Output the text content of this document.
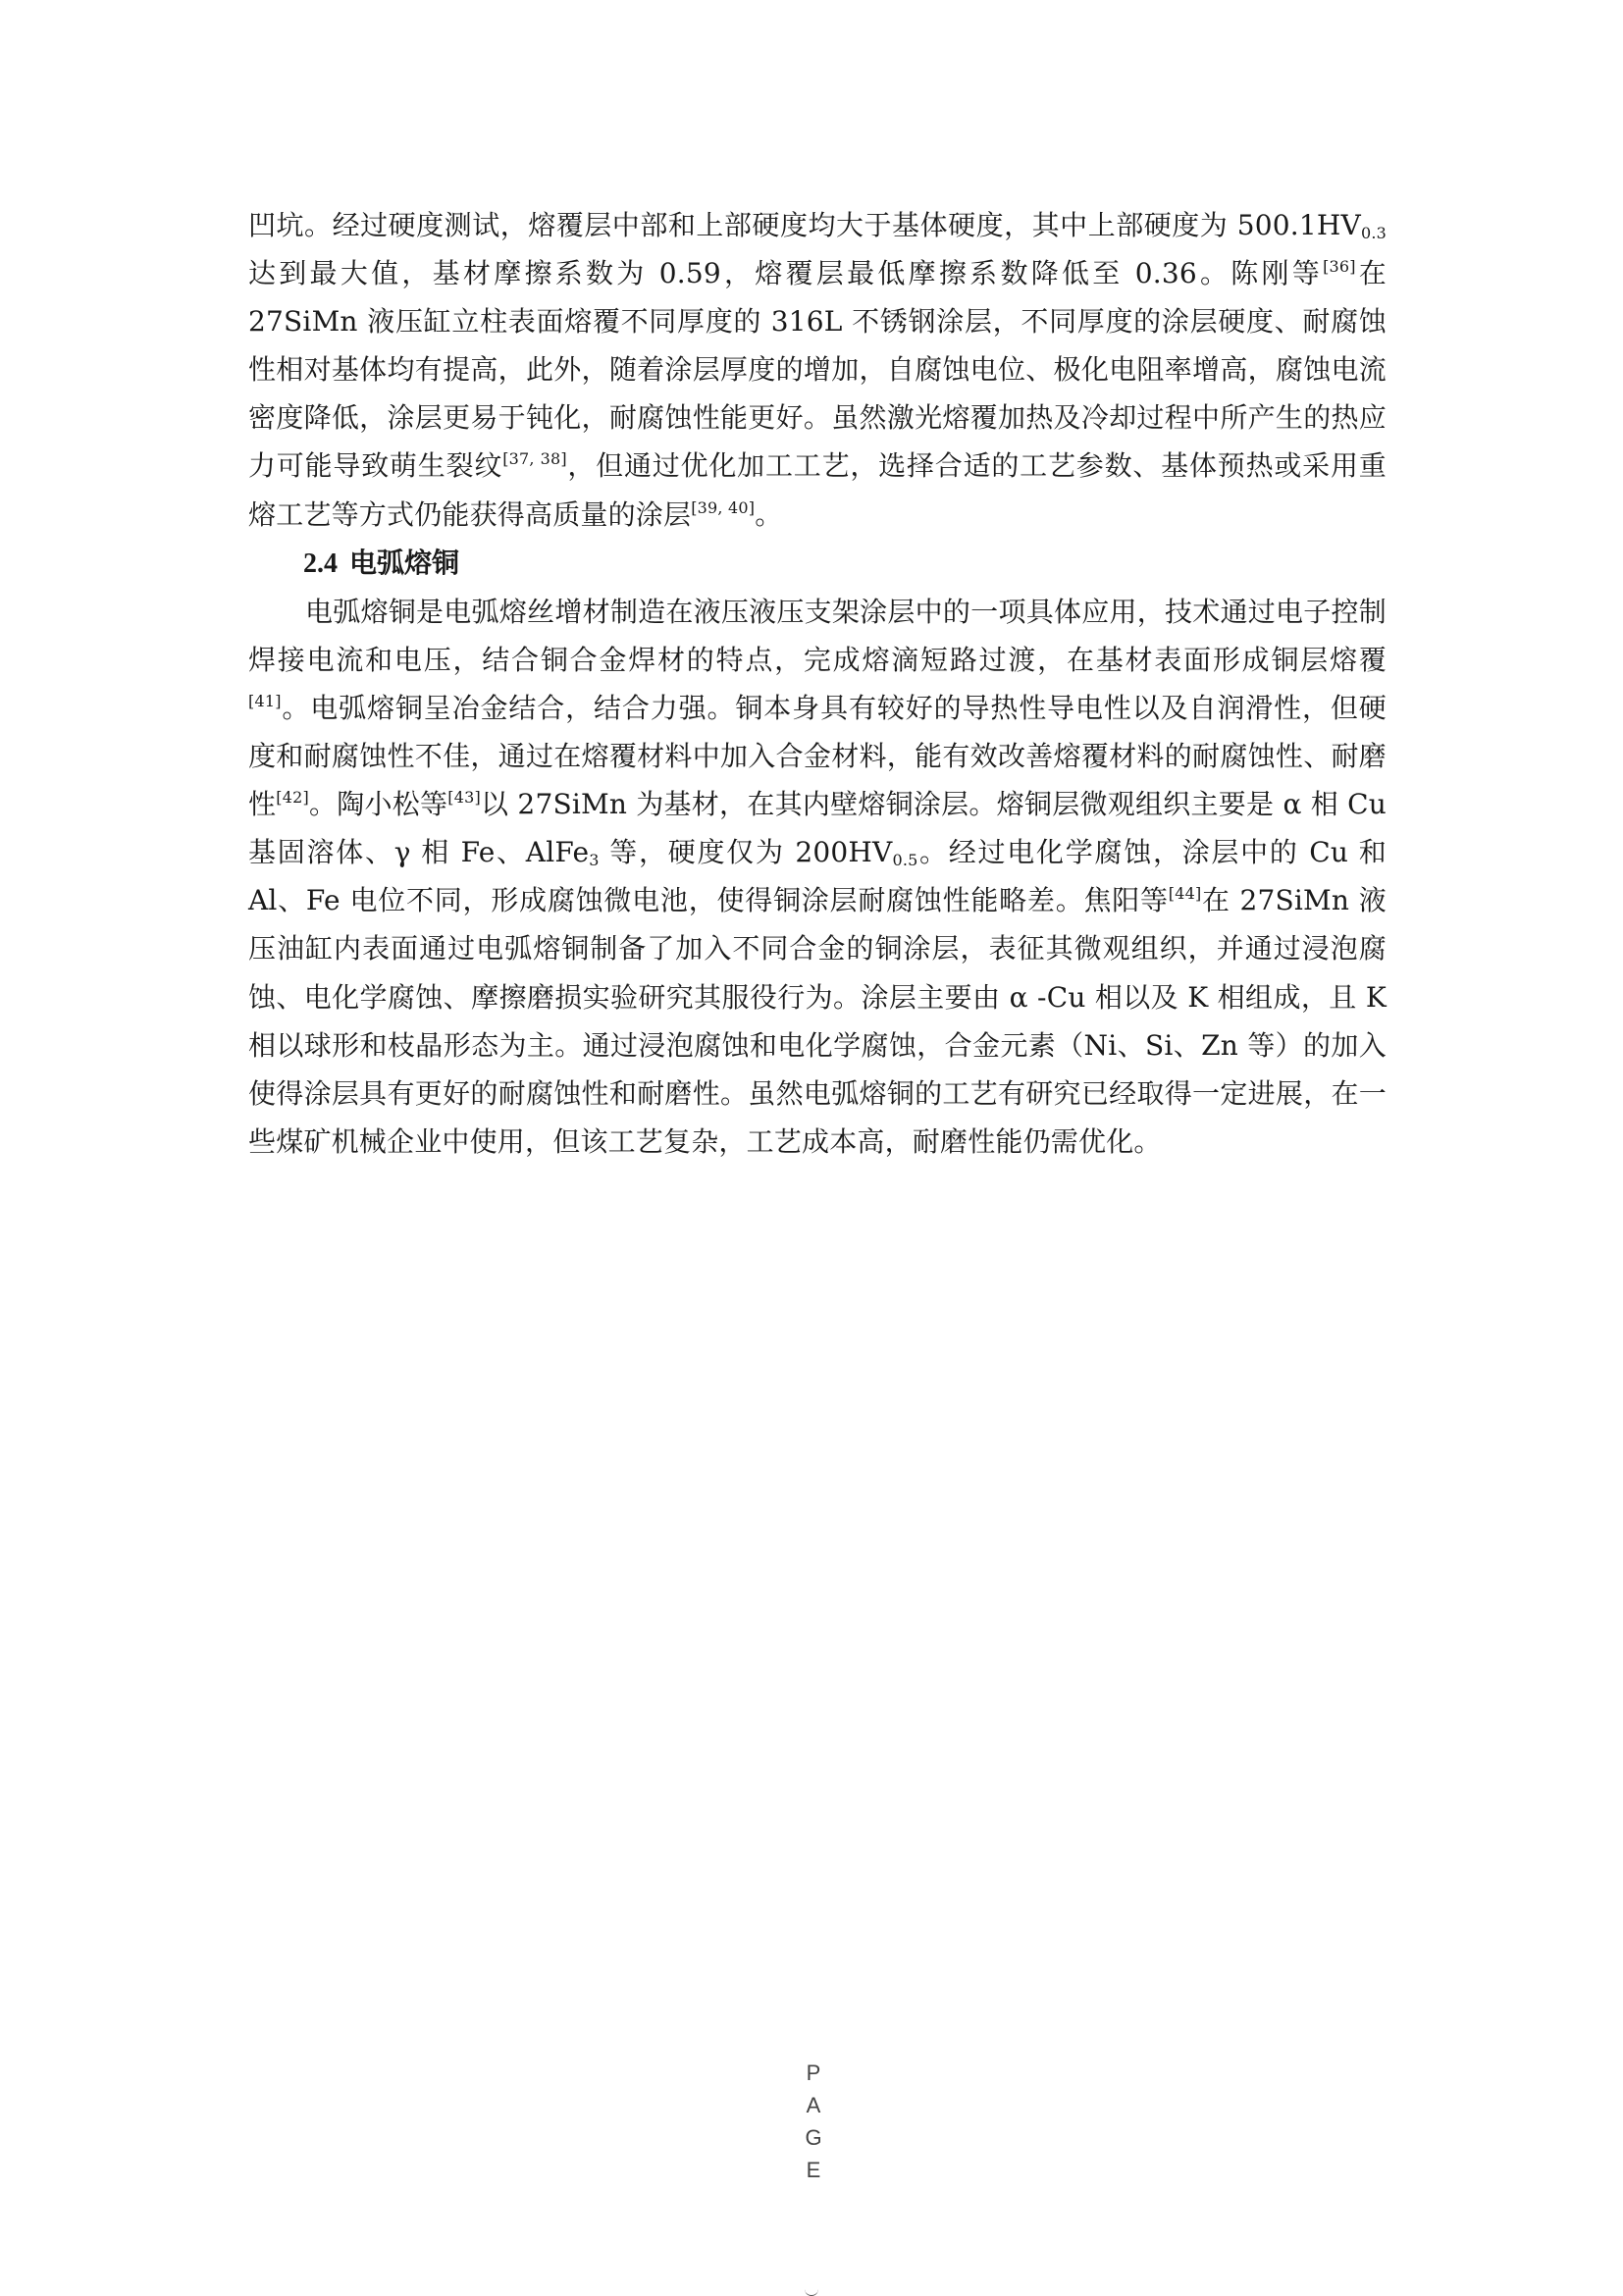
凹坑。经过硬度测试，熔覆层中部和上部硬度均大于基体硬度，其中上部硬度为 $500.1HV_{0.3}$达到最大值，基材摩擦系数为 0.59，熔覆层最低摩擦系数降低至 0.36。陈刚等[36]在 27SiMn 液压缸立柱表面熔覆不同厚度的 316L 不锈钢涂层，不同厚度的涂层硬度、耐腐蚀性相对基体均有提高，此外，随着涂层厚度的增加，自腐蚀电位、极化电阻率增高，腐蚀电流密度降低，涂层更易于钝化，耐腐蚀性能更好。虽然激光熔覆加热及冷却过程中所产生的热应力可能导致萌生裂纹[37, 38]，但通过优化加工工艺，选择合适的工艺参数、基体预热或采用重熔工艺等方式仍能获得高质量的涂层[39, 40]。

2.4 电弧熔铜

电弧熔铜是电弧熔丝增材制造在液压液压支架涂层中的一项具体应用，技术通过电子控制焊接电流和电压，结合铜合金焊材的特点，完成熔滴短路过渡，在基材表面形成铜层熔覆[41]。电弧熔铜呈冶金结合，结合力强。铜本身具有较好的导热性导电性以及自润滑性，但硬度和耐腐蚀性不佳，通过在熔覆材料中加入合金材料，能有效改善熔覆材料的耐腐蚀性、耐磨性[42]。陶小松等[43]以 27SiMn 为基材，在其内壁熔铜涂层。熔铜层微观组织主要是 α 相 Cu 基固溶体、γ 相 Fe、AlFe$_3$ 等，硬度仅为 $200HV_{0.5}$。经过电化学腐蚀，涂层中的 Cu 和 Al、Fe 电位不同，形成腐蚀微电池，使得铜涂层耐腐蚀性能略差。焦阳等[44]在 27SiMn 液压油缸内表面通过电弧熔铜制备了加入不同合金的铜涂层，表征其微观组织，并通过浸泡腐蚀、电化学腐蚀、摩擦磨损实验研究其服役行为。涂层主要由 α -Cu 相以及 K 相组成，且 K 相以球形和枝晶形态为主。通过浸泡腐蚀和电化学腐蚀，合金元素（Ni、Si、Zn 等）的加入使得涂层具有更好的耐腐蚀性和耐磨性。虽然电弧熔铜的工艺有研究已经取得一定进展，在一些煤矿机械企业中使用，但该工艺复杂，工艺成本高，耐磨性能仍需优化。

P
A
G
E
